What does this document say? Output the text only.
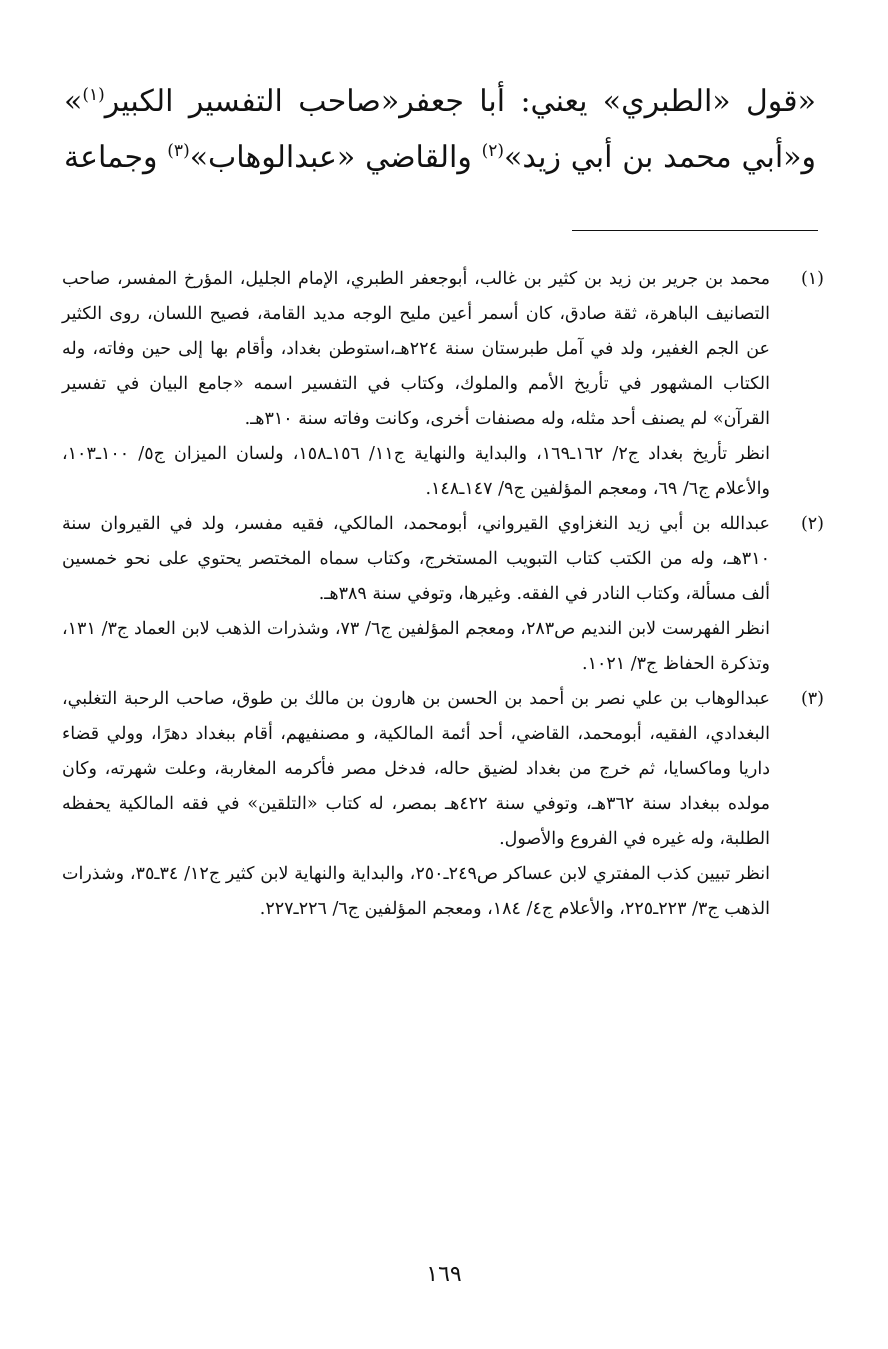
«قول «الطبري» يعني: أبا جعفر«صاحب التفسير الكبير$^{(١)}$»
و«أبي محمد بن أبي زيد»$^{(٢)}$ والقاضي «عبدالوهاب»$^{(٣)}$ وجماعة
(١)

محمد بن جرير بن زيد بن كثير بن غالب، أبوجعفر الطبري، الإمام الجليل، المؤرخ المفسر، صاحب التصانيف الباهرة، ثقة صادق، كان أسمر أعين مليح الوجه مديد القامة، فصيح اللسان، روى الكثير عن الجم الغفير، ولد في آمل طبرستان سنة ٢٢٤هـ،استوطن بغداد، وأقام بها إلى حين وفاته، وله الكتاب المشهور في تأريخ الأمم والملوك، وكتاب في التفسير اسمه «جامع البيان في تفسير القرآن» لم يصنف أحد مثله، وله مصنفات أخرى، وكانت وفاته سنة ٣١٠هـ.

انظر تأريخ بغداد ج٢/ ١٦٢ـ١٦٩، والبداية والنهاية ج١١/ ١٥٦ـ١٥٨، ولسان الميزان ج٥/ ١٠٠ـ١٠٣، والأعلام ج٦/ ٦٩، ومعجم المؤلفين ج٩/ ١٤٧ـ١٤٨.

(٢)

عبدالله بن أبي زيد النغزاوي القيرواني، أبومحمد، المالكي، فقيه مفسر، ولد في القيروان سنة ٣١٠هـ، وله من الكتب كتاب التبويب المستخرج، وكتاب سماه المختصر يحتوي على نحو خمسين ألف مسألة، وكتاب النادر في الفقه. وغيرها، وتوفي سنة ٣٨٩هـ.

انظر الفهرست لابن النديم ص٢٨٣، ومعجم المؤلفين ج٦/ ٧٣، وشذرات الذهب لابن العماد ج٣/ ١٣١، وتذكرة الحفاظ ج٣/ ١٠٢١.

(٣)

عبدالوهاب بن علي نصر بن أحمد بن الحسن بن هارون بن مالك بن طوق، صاحب الرحبة التغلبي، البغدادي، الفقيه، أبومحمد، القاضي، أحد أئمة المالكية، و مصنفيهم، أقام ببغداد دهرًا، وولي قضاء داريا وماكسايا، ثم خرج من بغداد لضيق حاله، فدخل مصر فأكرمه المغاربة، وعلت شهرته، وكان مولده ببغداد سنة ٣٦٢هـ، وتوفي سنة ٤٢٢هـ بمصر، له كتاب «التلقين» في فقه المالكية يحفظه الطلبة، وله غيره في الفروع والأصول.

انظر تبيين كذب المفتري لابن عساكر ص٢٤٩ـ٢٥٠، والبداية والنهاية لابن كثير ج١٢/ ٣٤ـ٣٥، وشذرات الذهب ج٣/ ٢٢٣ـ٢٢٥، والأعلام ج٤/ ١٨٤، ومعجم المؤلفين ج٦/ ٢٢٦ـ٢٢٧.

١٦٩
